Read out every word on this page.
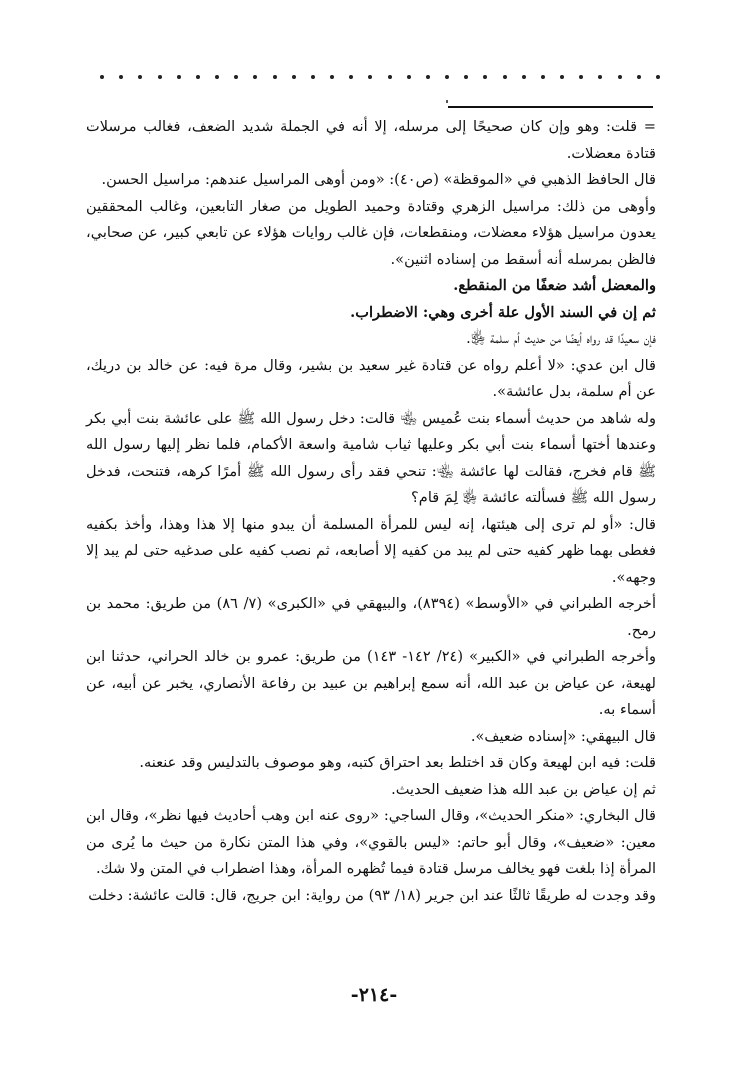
= قلت: وهو وإن كان صحيحًا إلى مرسله، إلا أنه في الجملة شديد الضعف، فغالب مرسلات قتادة معضلات.

قال الحافظ الذهبي في «الموقظة» (ص٤٠): «ومن أوهى المراسيل عندهم: مراسيل الحسن.

وأوهى من ذلك: مراسيل الزهري وقتادة وحميد الطويل من صغار التابعين، وغالب المحققين يعدون مراسيل هؤلاء معضلات، ومنقطعات، فإن غالب روايات هؤلاء عن تابعي كبير، عن صحابي، فالظن بمرسله أنه أسقط من إسناده اثنين».

والمعضل أشد ضعفًا من المنقطع.

ثم إن في السند الأول علة أخرى وهي: الاضطراب.

فإن سعيدًا قد رواه أيضًا من حديث أم سلمة ﵂.

قال ابن عدي: «لا أعلم رواه عن قتادة غير سعيد بن بشير، وقال مرة فيه: عن خالد بن دريك، عن أم سلمة، بدل عائشة».

وله شاهد من حديث أسماء بنت عُميس ﵄ قالت: دخل رسول الله ﷺ على عائشة بنت أبي بكر وعندها أختها أسماء بنت أبي بكر وعليها ثياب شامية واسعة الأكمام، فلما نظر إليها رسول الله ﷺ قام فخرج، فقالت لها عائشة ﵄: تنحي فقد رأى رسول الله ﷺ أمرًا كرهه، فتنحت، فدخل رسول الله ﷺ فسألته عائشة ﵂ لِمَ قام؟

قال: «أو لم ترى إلى هيئتها، إنه ليس للمرأة المسلمة أن يبدو منها إلا هذا وهذا، وأخذ بكفيه فغطى بهما ظهر كفيه حتى لم يبد من كفيه إلا أصابعه، ثم نصب كفيه على صدغيه حتى لم يبد إلا وجهه».

أخرجه الطبراني في «الأوسط» (٨٣٩٤)، والبيهقي في «الكبرى» (٧/ ٨٦) من طريق: محمد بن رمح.

وأخرجه الطبراني في «الكبير» (٢٤/ ١٤٢- ١٤٣) من طريق: عمرو بن خالد الحراني، حدثنا ابن لهيعة، عن عياض بن عبد الله، أنه سمع إبراهيم بن عبيد بن رفاعة الأنصاري، يخبر عن أبيه، عن أسماء به.

قال البيهقي: «إسناده ضعيف».

قلت: فيه ابن لهيعة وكان قد اختلط بعد احتراق كتبه، وهو موصوف بالتدليس وقد عنعنه.

ثم إن عياض بن عبد الله هذا ضعيف الحديث.

قال البخاري: «منكر الحديث»، وقال الساجي: «روى عنه ابن وهب أحاديث فيها نظر»، وقال ابن معين: «ضعيف»، وقال أبو حاتم: «ليس بالقوي»، وفي هذا المتن نكارة من حيث ما يُرى من المرأة إذا بلغت فهو يخالف مرسل قتادة فيما تُظهره المرأة، وهذا اضطراب في المتن ولا شك.

وقد وجدت له طريقًا ثالثًا عند ابن جرير (١٨/ ٩٣) من رواية: ابن جريج، قال: قالت عائشة: دخلت

-٢١٤-
